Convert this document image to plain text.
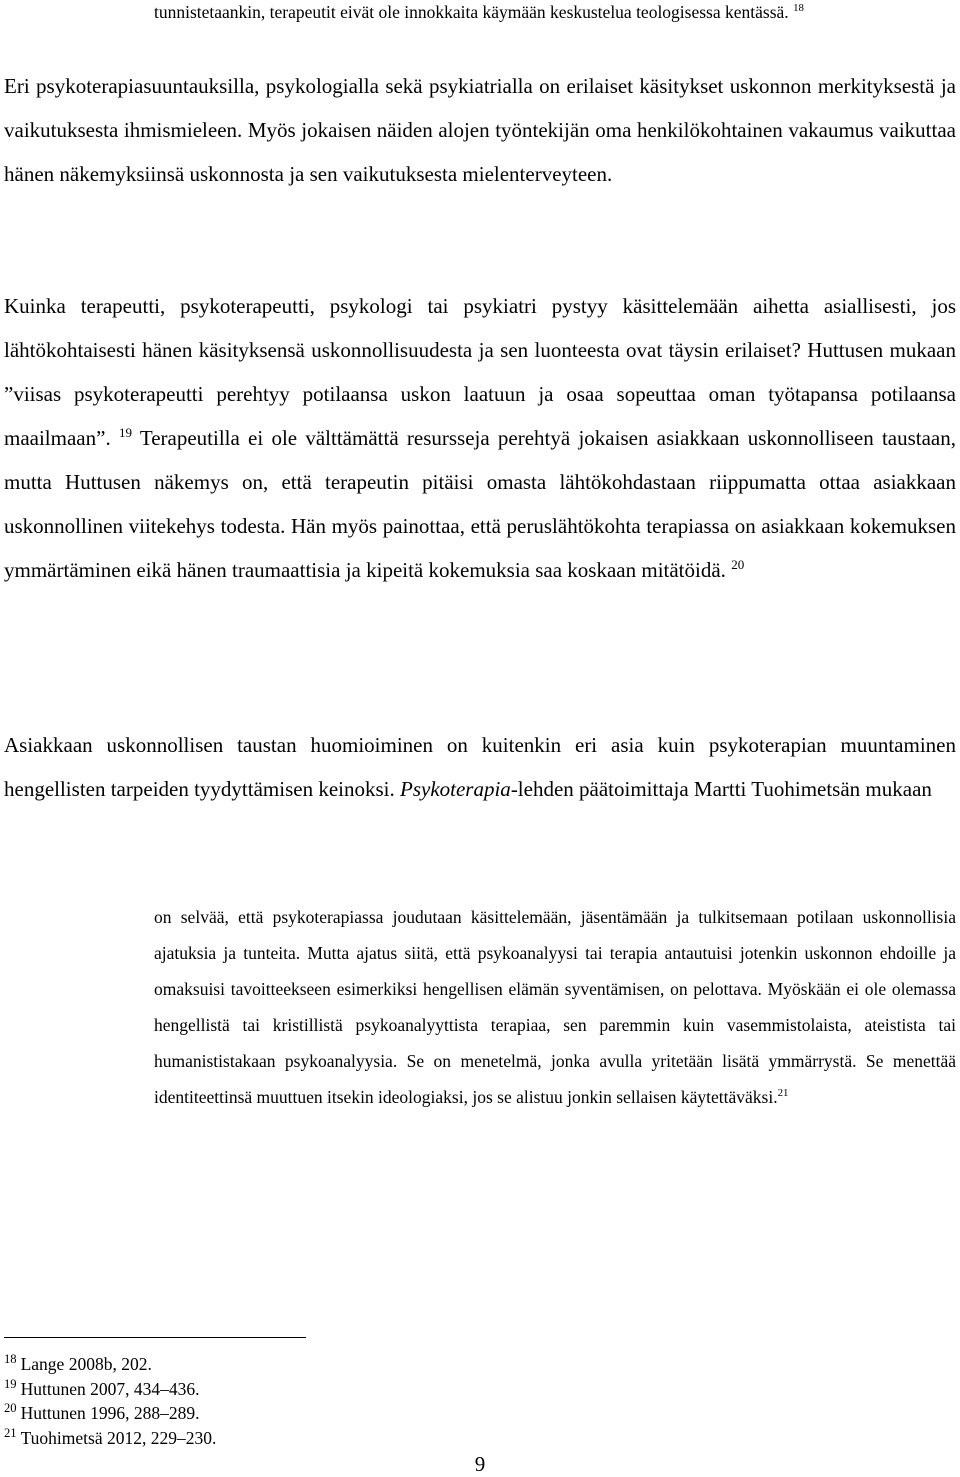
tunnistetaankin, terapeutit eivät ole innokkaita käymään keskustelua teologisessa kentässä. $^{18}$

Eri psykoterapiasuuntauksilla, psykologialla sekä psykiatrialla on erilaiset käsitykset uskonnon merkityksestä ja vaikutuksesta ihmismieleen. Myös jokaisen näiden alojen työntekijän oma henkilökohtainen vakaumus vaikuttaa hänen näkemyksiinsä uskonnosta ja sen vaikutuksesta mielenterveyteen.

Kuinka terapeutti, psykoterapeutti, psykologi tai psykiatri pystyy käsittelemään aihetta asiallisesti, jos lähtökohtaisesti hänen käsityksensä uskonnollisuudesta ja sen luonteesta ovat täysin erilaiset? Huttusen mukaan ”viisas psykoterapeutti perehtyy potilaansa uskon laatuun ja osaa sopeuttaa oman työtapansa potilaansa maailmaan”. $^{19}$ Terapeutilla ei ole välttämättä resursseja perehtyä jokaisen asiakkaan uskonnolliseen taustaan, mutta Huttusen näkemys on, että terapeutin pitäisi omasta lähtökohdastaan riippumatta ottaa asiakkaan uskonnollinen viitekehys todesta. Hän myös painottaa, että peruslähtökohta terapiassa on asiakkaan kokemuksen ymmärtäminen eikä hänen traumaattisia ja kipeitä kokemuksia saa koskaan mitätöidä. $^{20}$

Asiakkaan uskonnollisen taustan huomioiminen on kuitenkin eri asia kuin psykoterapian muuntaminen hengellisten tarpeiden tyydyttämisen keinoksi. Psykoterapia-lehden päätoimittaja Martti Tuohimetsän mukaan

on selvää, että psykoterapiassa joudutaan käsittelemään, jäsentämään ja tulkitsemaan potilaan uskonnollisia ajatuksia ja tunteita. Mutta ajatus siitä, että psykoanalyysi tai terapia antautuisi jotenkin uskonnon ehdoille ja omaksuisi tavoitteekseen esimerkiksi hengellisen elämän syventämisen, on pelottava. Myöskään ei ole olemassa hengellistä tai kristillistä psykoanalyyttista terapiaa, sen paremmin kuin vasemmistolaista, ateistista tai humanististakaan psykoanalyysia. Se on menetelmä, jonka avulla yritetään lisätä ymmärrystä. Se menettää identiteettinsä muuttuen itsekin ideologiaksi, jos se alistuu jonkin sellaisen käytettäväksi.$^{21}$

$^{18}$ Lange 2008b, 202.
$^{19}$ Huttunen 2007, 434–436.
$^{20}$ Huttunen 1996, 288–289.
$^{21}$ Tuohimetsä 2012, 229–230.
9
